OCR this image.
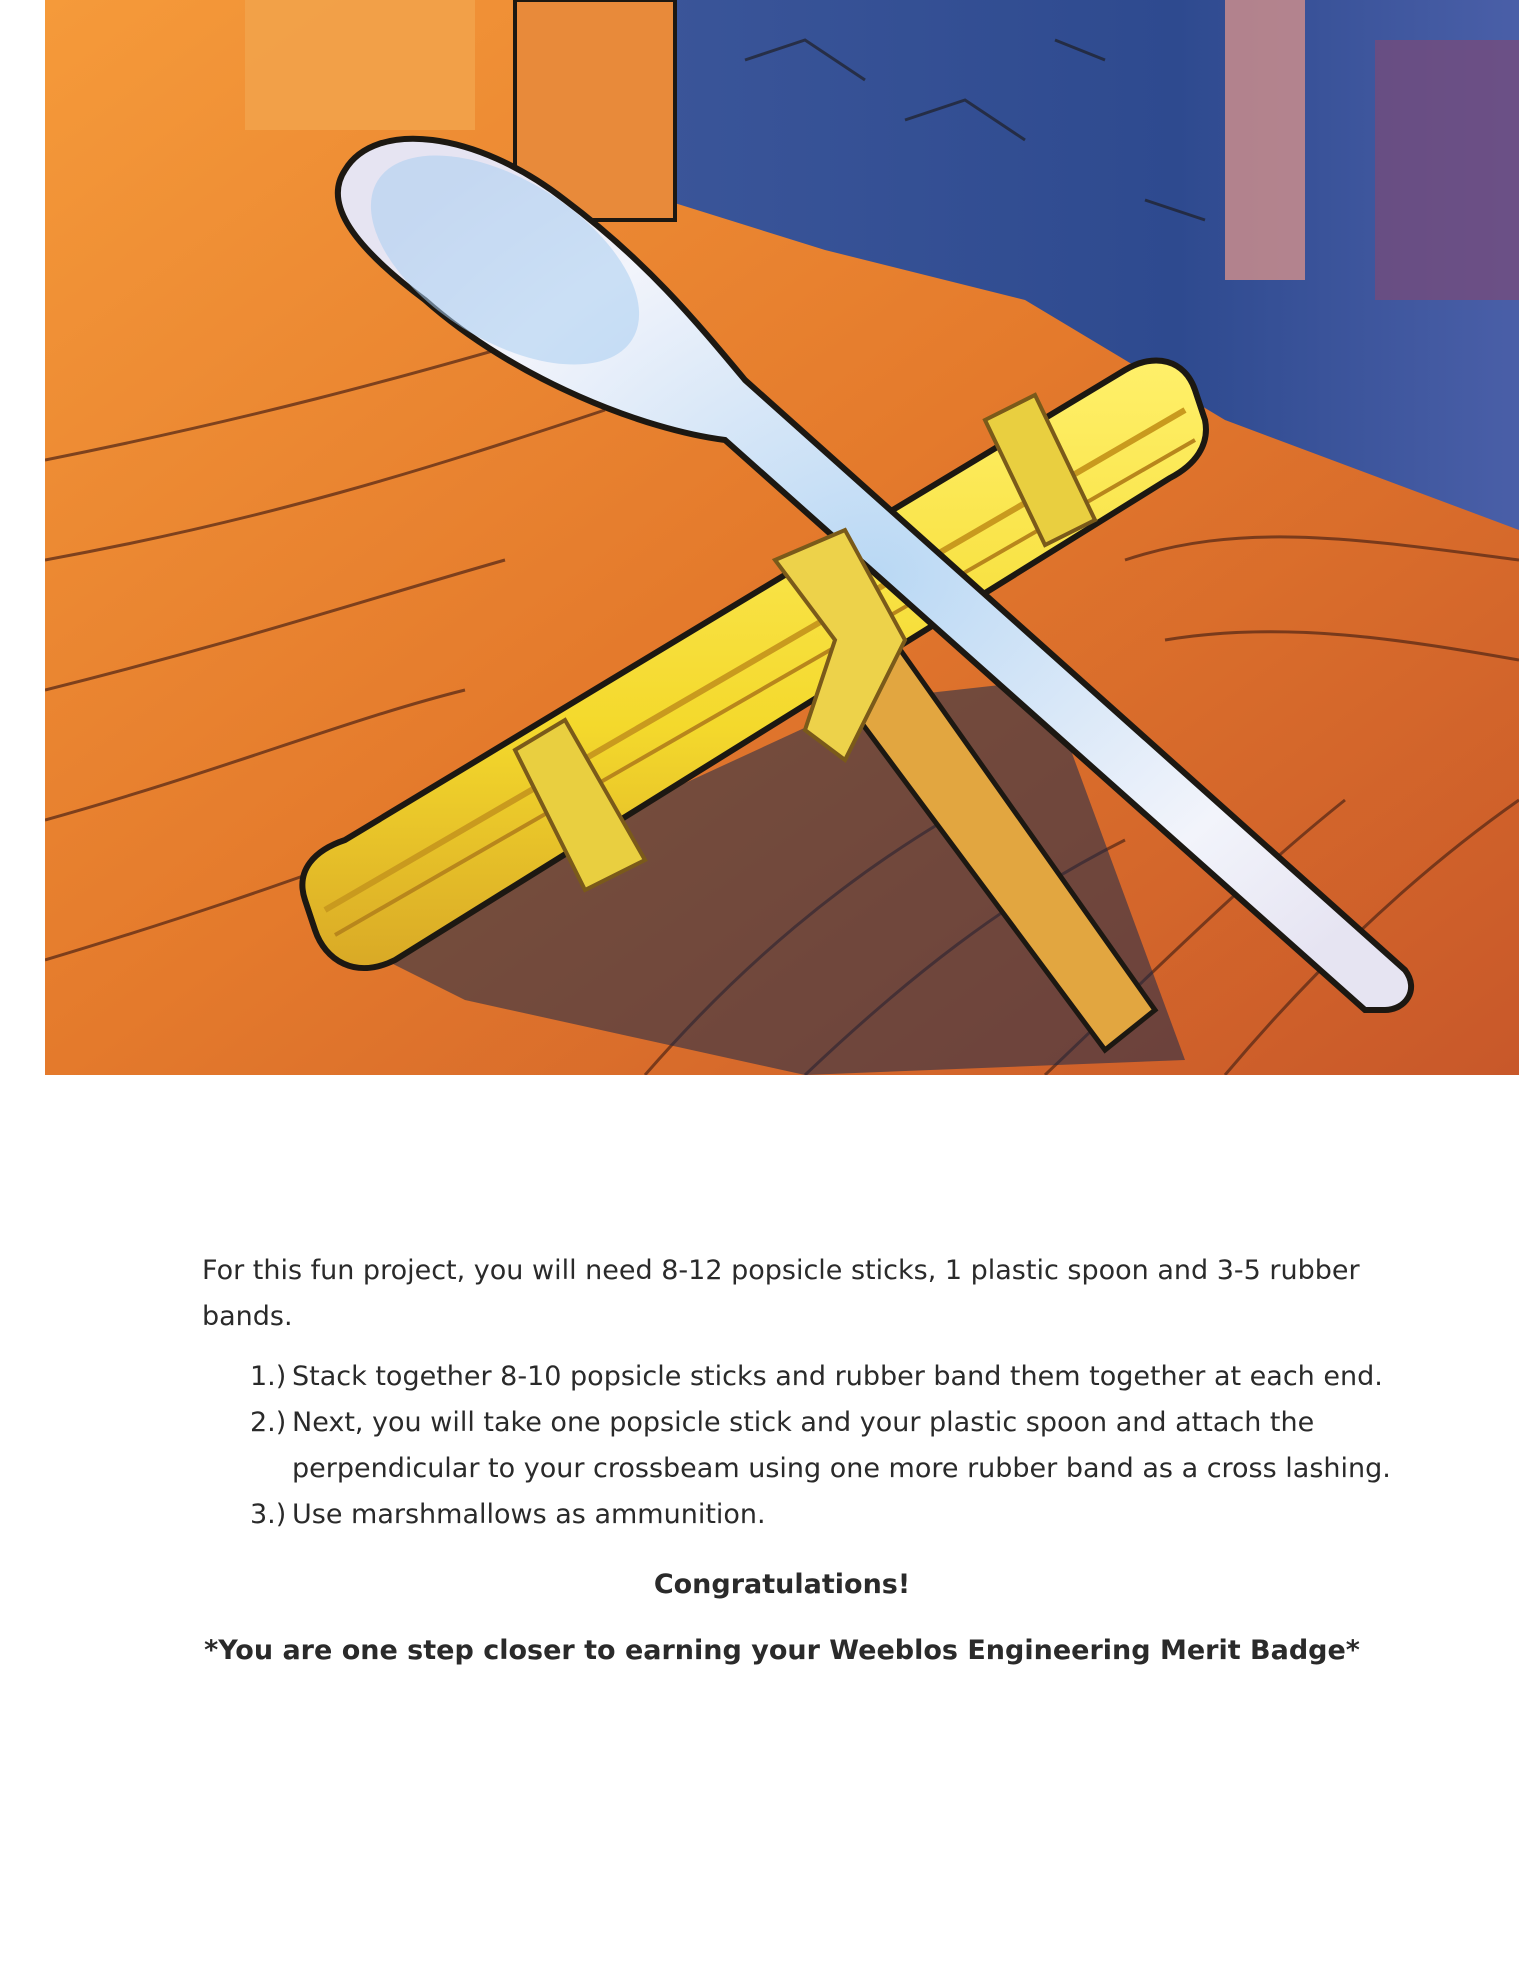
For this fun project, you will need 8-12 popsicle sticks, 1 plastic spoon and 3-5 rubber bands.

1.) Stack together 8-10 popsicle sticks and rubber band them together at each end.
2.) Next, you will take one popsicle stick and your plastic spoon and attach the perpendicular to your crossbeam using one more rubber band as a cross lashing.
3.) Use marshmallows as ammunition.

Congratulations!

*You are one step closer to earning your Weeblos Engineering Merit Badge*
